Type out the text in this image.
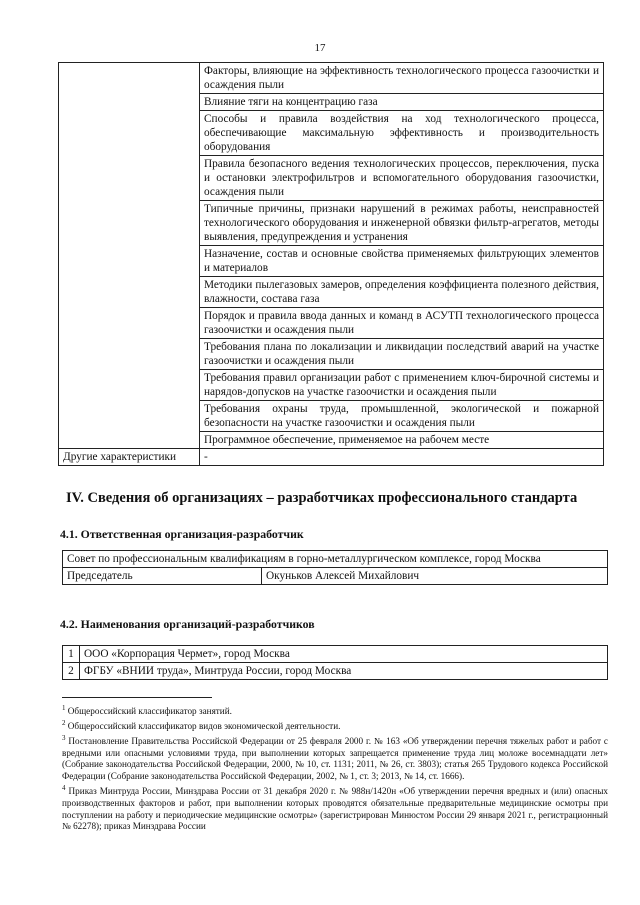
17
	Факторы, влияющие на эффективность технологического процесса газоочистки и осаждения пыли
	Влияние тяги на концентрацию газа
	Способы и правила воздействия на ход технологического процесса, обеспечивающие максимальную эффективность и производительность оборудования
	Правила безопасного ведения технологических процессов, переключения, пуска и остановки электрофильтров и вспомогательного оборудования газоочистки, осаждения пыли
	Типичные причины, признаки нарушений в режимах работы, неисправностей технологического оборудования и инженерной обвязки фильтр-агрегатов, методы выявления, предупреждения и устранения
	Назначение, состав и основные свойства применяемых фильтрующих элементов и материалов
	Методики пылегазовых замеров, определения коэффициента полезного действия, влажности, состава газа
	Порядок и правила ввода данных и команд в АСУТП технологического процесса газоочистки и осаждения пыли
	Требования плана по локализации и ликвидации последствий аварий на участке газоочистки и осаждения пыли
	Требования правил организации работ с применением ключ-бирочной системы и нарядов-допусков на участке газоочистки и осаждения пыли
	Требования охраны труда, промышленной, экологической и пожарной безопасности на участке газоочистки и осаждения пыли
	Программное обеспечение, применяемое на рабочем месте
Другие характеристики	-
IV. Сведения об организациях – разработчиках профессионального стандарта
4.1. Ответственная организация-разработчик
Совет по профессиональным квалификациям в горно-металлургическом комплексе, город Москва
Председатель	Окуньков Алексей Михайлович
4.2. Наименования организаций-разработчиков
1	ООО «Корпорация Чермет», город Москва
2	ФГБУ «ВНИИ труда», Минтруда России, город Москва

$^1$ Общероссийский классификатор занятий.

$^2$ Общероссийский классификатор видов экономической деятельности.

$^3$ Постановление Правительства Российской Федерации от 25 февраля 2000 г. № 163 «Об утверждении перечня тяжелых работ и работ с вредными или опасными условиями труда, при выполнении которых запрещается применение труда лиц моложе восемнадцати лет» (Собрание законодательства Российской Федерации, 2000, № 10, ст. 1131; 2011, № 26, ст. 3803); статья 265 Трудового кодекса Российской Федерации (Собрание законодательства Российской Федерации, 2002, № 1, ст. 3; 2013, № 14, ст. 1666).

$^4$ Приказ Минтруда России, Минздрава России от 31 декабря 2020 г. № 988н/1420н «Об утверждении перечня вредных и (или) опасных производственных факторов и работ, при выполнении которых проводятся обязательные предварительные медицинские осмотры при поступлении на работу и периодические медицинские осмотры» (зарегистрирован Минюстом России 29 января 2021 г., регистрационный № 62278); приказ Минздрава России
